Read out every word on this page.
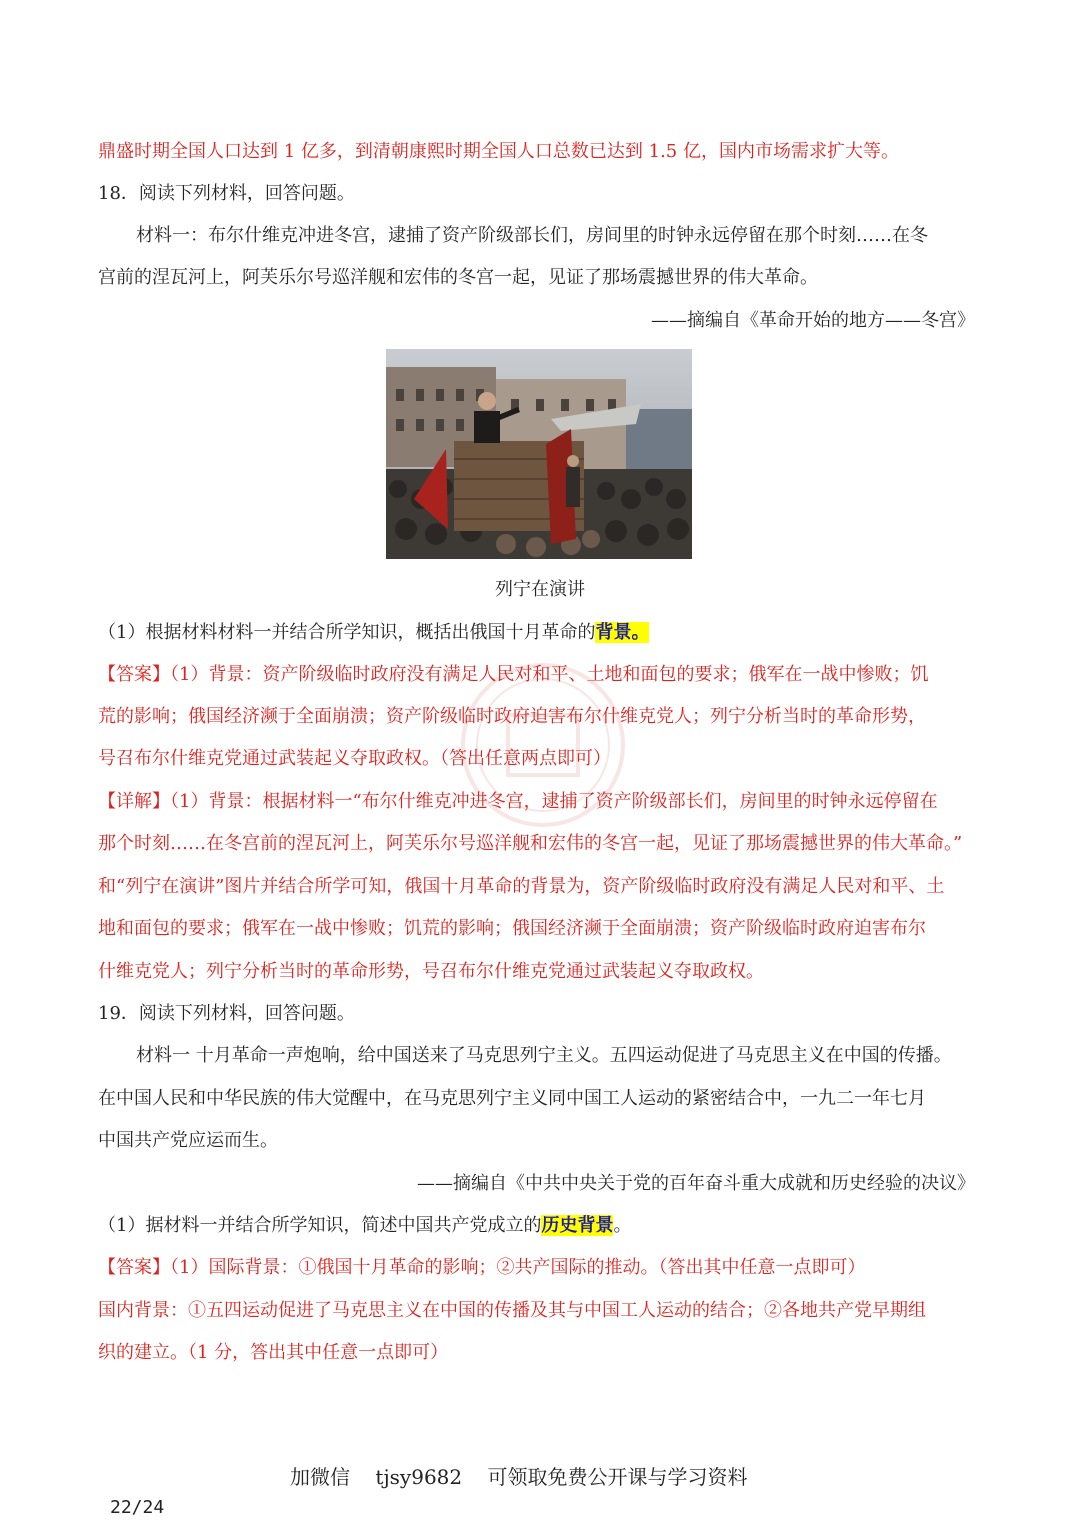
鼎盛时期全国人口达到 1 亿多，到清朝康熙时期全国人口总数已达到 1.5 亿，国内市场需求扩大等。
18．阅读下列材料，回答问题。
材料一：布尔什维克冲进冬宫，逮捕了资产阶级部长们，房间里的时钟永远停留在那个时刻……在冬
宫前的涅瓦河上，阿芙乐尔号巡洋舰和宏伟的冬宫一起，见证了那场震撼世界的伟大革命。
——摘编自《革命开始的地方——冬宫》
列宁在演讲
（1）根据材料材料一并结合所学知识，概括出俄国十月革命的背景。
【答案】（1）背景：资产阶级临时政府没有满足人民对和平、土地和面包的要求；俄军在一战中惨败；饥
荒的影响；俄国经济濒于全面崩溃；资产阶级临时政府迫害布尔什维克党人；列宁分析当时的革命形势，
号召布尔什维克党通过武装起义夺取政权。（答出任意两点即可）
【详解】（1）背景：根据材料一“布尔什维克冲进冬宫，逮捕了资产阶级部长们，房间里的时钟永远停留在
那个时刻……在冬宫前的涅瓦河上，阿芙乐尔号巡洋舰和宏伟的冬宫一起，见证了那场震撼世界的伟大革命。”
和“列宁在演讲”图片并结合所学可知，俄国十月革命的背景为，资产阶级临时政府没有满足人民对和平、土
地和面包的要求；俄军在一战中惨败；饥荒的影响；俄国经济濒于全面崩溃；资产阶级临时政府迫害布尔
什维克党人；列宁分析当时的革命形势，号召布尔什维克党通过武装起义夺取政权。
19．阅读下列材料，回答问题。
材料一 十月革命一声炮响，给中国送来了马克思列宁主义。五四运动促进了马克思主义在中国的传播。
在中国人民和中华民族的伟大觉醒中，在马克思列宁主义同中国工人运动的紧密结合中，一九二一年七月
中国共产党应运而生。
——摘编自《中共中央关于党的百年奋斗重大成就和历史经验的决议》
（1）据材料一并结合所学知识，简述中国共产党成立的历史背景。
【答案】（1）国际背景：①俄国十月革命的影响；②共产国际的推动。（答出其中任意一点即可）
国内背景：①五四运动促进了马克思主义在中国的传播及其与中国工人运动的结合；②各地共产党早期组
织的建立。（1 分，答出其中任意一点即可）
加微信    tjsy9682    可领取免费公开课与学习资料
22/24
